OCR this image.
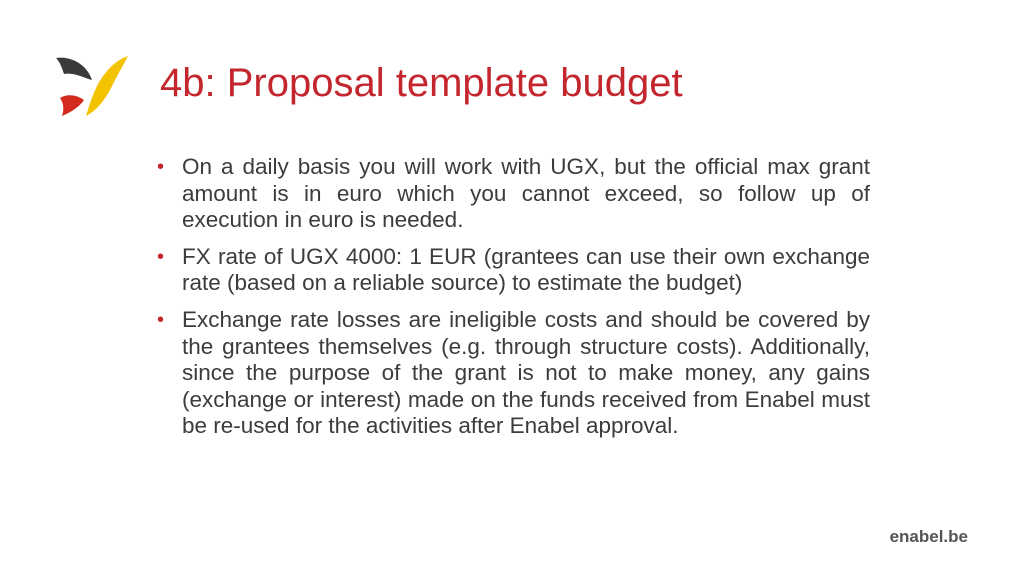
4b: Proposal template budget
• On a daily basis you will work with UGX, but the official max grant amount is in euro which you cannot exceed, so follow up of execution in euro is needed.
• FX rate of UGX 4000: 1 EUR (grantees can use their own exchange rate (based on a reliable source) to estimate the budget)
• Exchange rate losses are ineligible costs and should be covered by the grantees themselves (e.g. through structure costs). Additionally, since the purpose of the grant is not to make money, any gains (exchange or interest) made on the funds received from Enabel must be re-used for the activities after Enabel approval.
enabel.be
